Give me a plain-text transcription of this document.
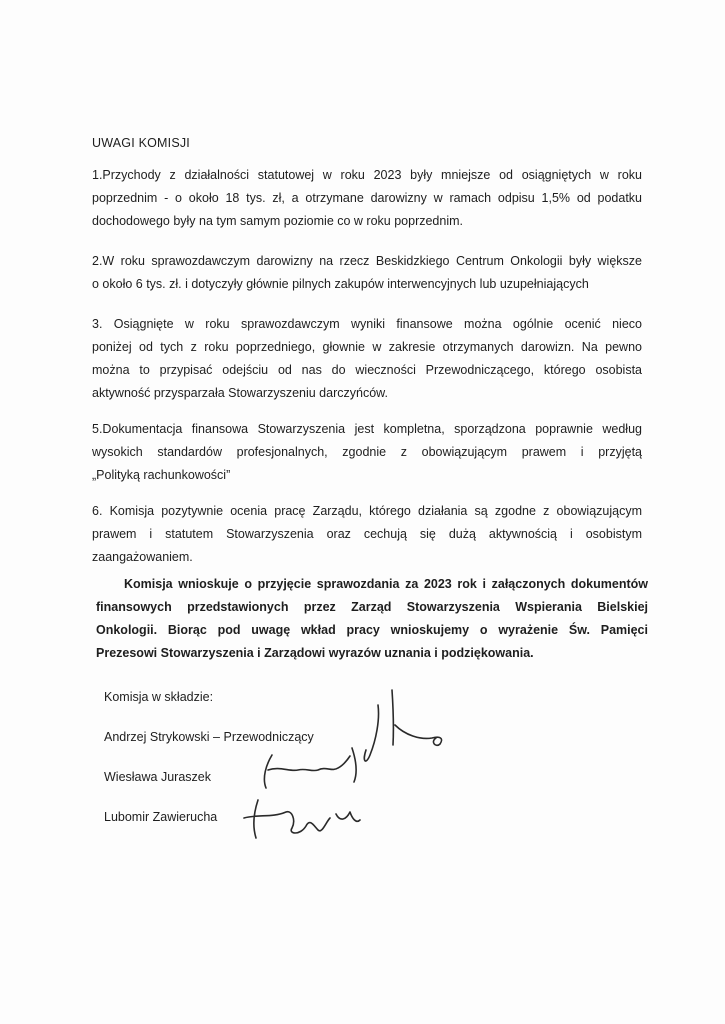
UWAGI KOMISJI
1.Przychody z działalności statutowej w roku 2023 były mniejsze od osiągniętych w roku
poprzednim - o około 18 tys. zł, a otrzymane darowizny w ramach odpisu 1,5% od podatku
dochodowego były na tym samym poziomie co w roku poprzednim.
2.W roku sprawozdawczym darowizny na rzecz Beskidzkiego Centrum Onkologii były większe
o około 6 tys. zł. i dotyczyły głównie pilnych zakupów interwencyjnych lub uzupełniających
3. Osiągnięte w roku sprawozdawczym wyniki finansowe można ogólnie ocenić nieco
poniżej od tych z roku poprzedniego, głownie w zakresie otrzymanych darowizn. Na pewno
można to przypisać odejściu od nas do wieczności Przewodniczącego, którego osobista
aktywność przysparzała Stowarzyszeniu darczyńców.
5.Dokumentacja finansowa Stowarzyszenia jest kompletna, sporządzona poprawnie według
wysokich standardów profesjonalnych, zgodnie z obowiązującym prawem i przyjętą
„Polityką rachunkowości”
6. Komisja pozytywnie ocenia pracę Zarządu, którego działania są zgodne z obowiązującym
prawem i statutem Stowarzyszenia oraz cechują się dużą aktywnością i osobistym
zaangażowaniem.
Komisja wnioskuje o przyjęcie sprawozdania za 2023 rok i załączonych dokumentów
finansowych przedstawionych przez Zarząd Stowarzyszenia Wspierania Bielskiej
Onkologii. Biorąc pod uwagę wkład pracy wnioskujemy o wyrażenie Św. Pamięci
Prezesowi Stowarzyszenia i Zarządowi wyrazów uznania i podziękowania.
Komisja w składzie:
Andrzej Strykowski – Przewodniczący
Wiesława Juraszek
Lubomir Zawierucha
